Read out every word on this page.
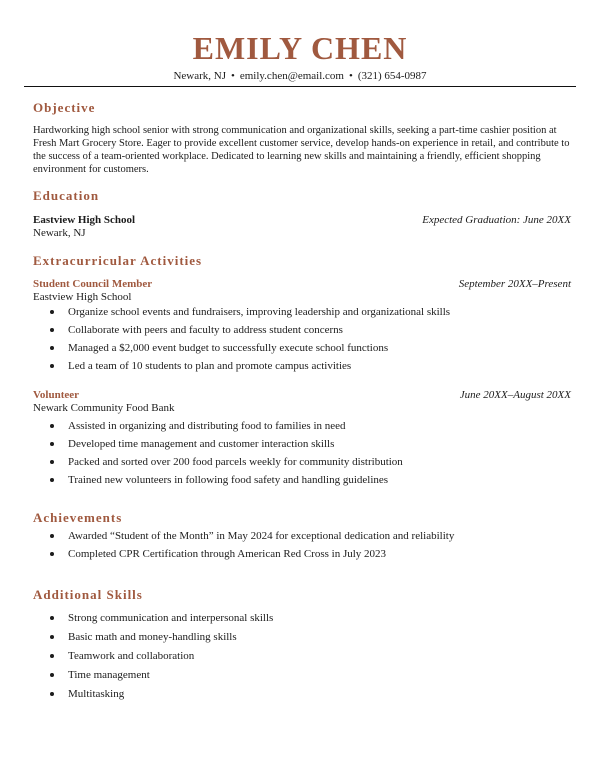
EMILY CHEN
Newark, NJ • emily.chen@email.com • (321) 654-0987
Objective

Hardworking high school senior with strong communication and organizational skills, seeking a part-time cashier position at Fresh Mart Grocery Store. Eager to provide excellent customer service, develop hands-on experience in retail, and contribute to the success of a team-oriented workplace. Dedicated to learning new skills and maintaining a friendly, efficient shopping environment for customers.

Education
Eastview High School	Expected Graduation: June 20XX
Newark, NJ
Extracurricular Activities
Student Council Member	September 20XX–Present
Eastview High School
Organize school events and fundraisers, improving leadership and organizational skills
Collaborate with peers and faculty to address student concerns
Managed a $2,000 event budget to successfully execute school functions
Led a team of 10 students to plan and promote campus activities
Volunteer	June 20XX–August 20XX
Newark Community Food Bank
Assisted in organizing and distributing food to families in need
Developed time management and customer interaction skills
Packed and sorted over 200 food parcels weekly for community distribution
Trained new volunteers in following food safety and handling guidelines
Achievements
Awarded “Student of the Month” in May 2024 for exceptional dedication and reliability
Completed CPR Certification through American Red Cross in July 2023
Additional Skills
Strong communication and interpersonal skills
Basic math and money-handling skills
Teamwork and collaboration
Time management
Multitasking
